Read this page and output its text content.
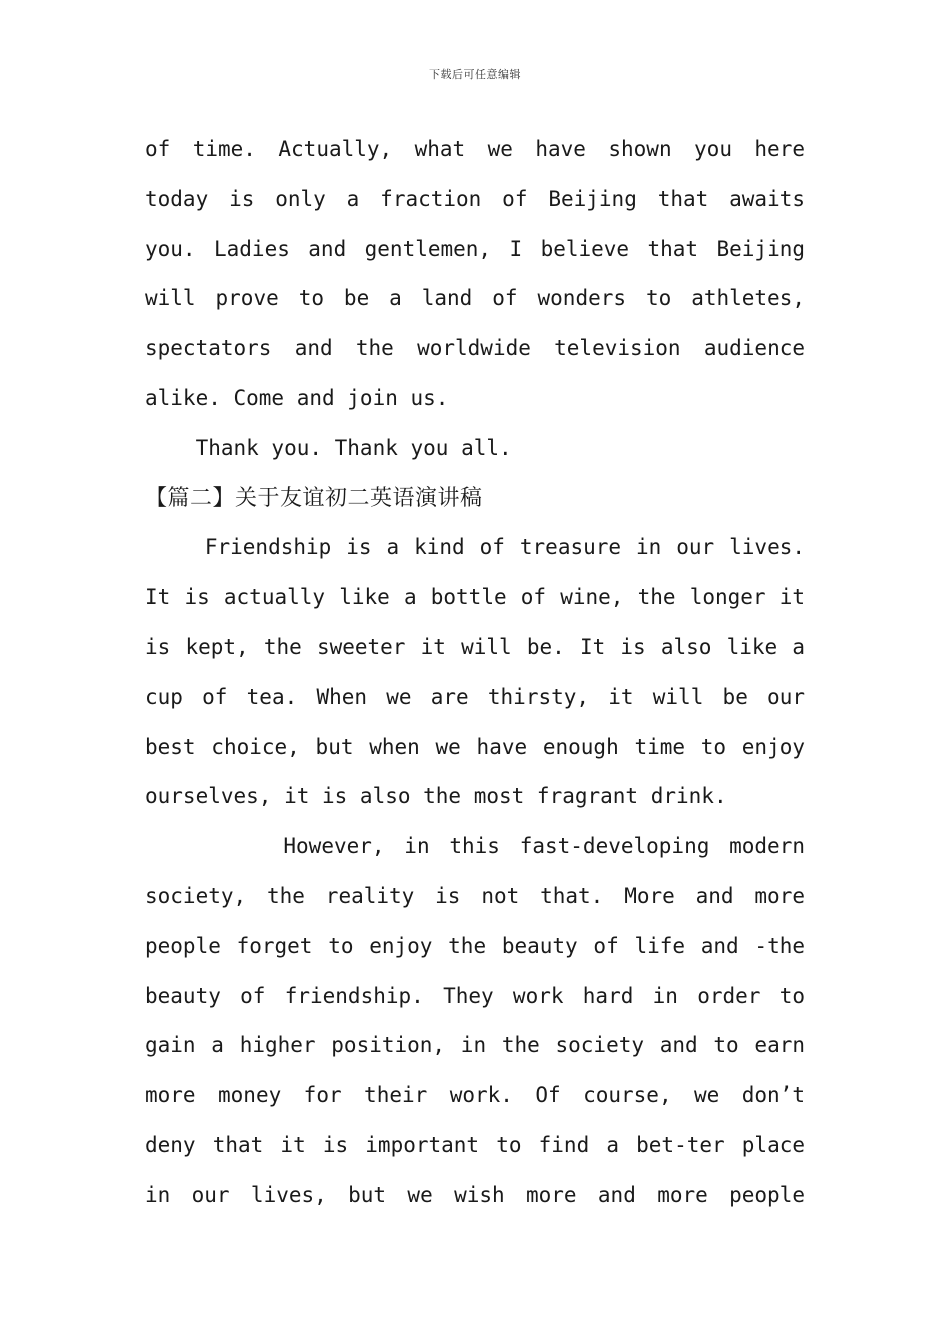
下载后可任意编辑
of time. Actually, what we have shown you here
today is only a fraction of Beijing that awaits
you. Ladies and gentlemen, I believe that Beijing
will prove to be a land of wonders to athletes,
spectators and the worldwide television audience
alike. Come and join us.
Thank you. Thank you all.
【篇二】关于友谊初二英语演讲稿
Friendship is a kind of treasure in our lives.
It is actually like a bottle of wine, the longer it
is kept, the sweeter it will be. It is also like a
cup of tea. When we are thirsty, it will be our
best choice, but when we have enough time to enjoy
ourselves, it is also the most fragrant drink.
However, in this fast-developing modern
society, the reality is not that. More and more
people forget to enjoy the beauty of life and -the
beauty of friendship. They work hard in order to
gain a higher position, in the society and to earn
more money for their work. Of course, we don’t
deny that it is important to find a bet-ter place
in our lives, but we wish more and more people
